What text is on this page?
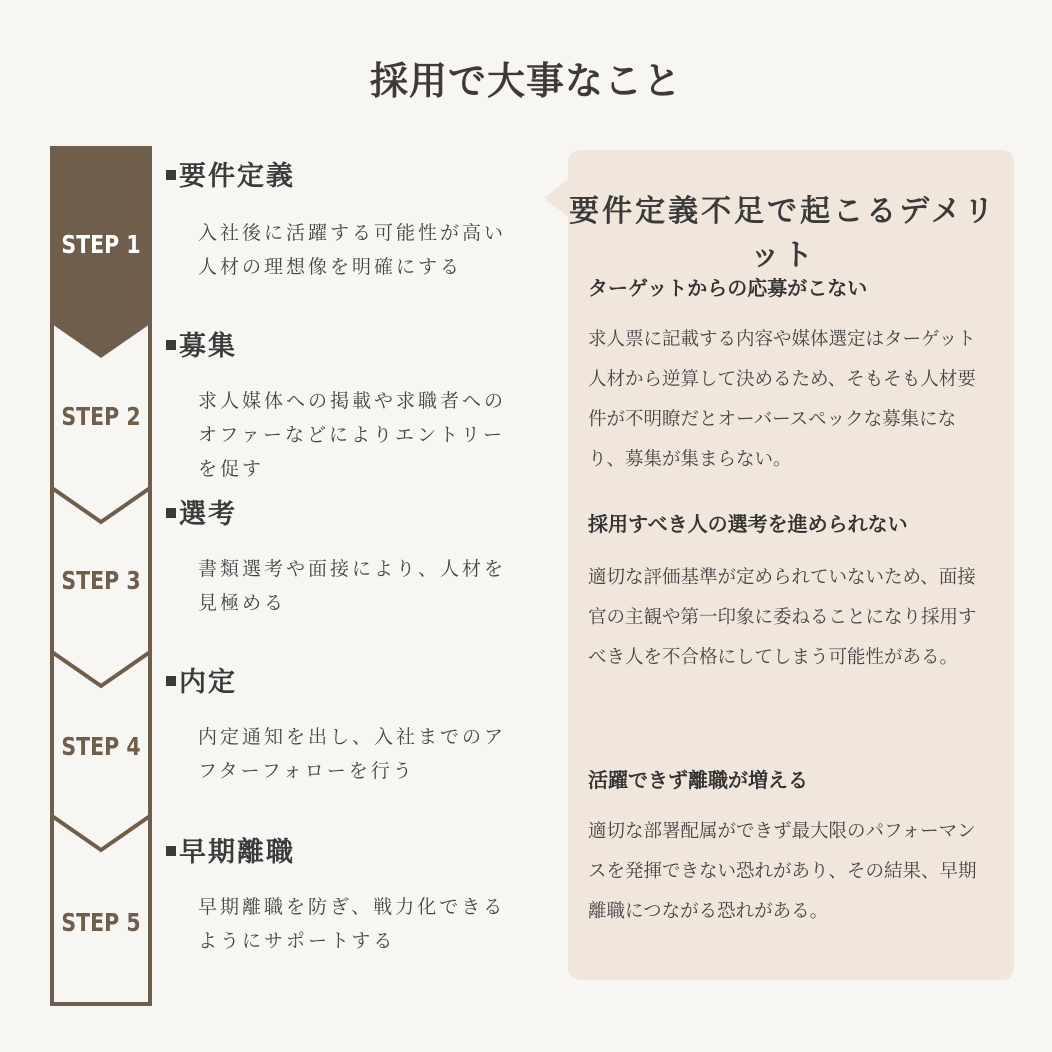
採用で大事なこと
STEP 1
STEP 2
STEP 3
STEP 4
STEP 5
要件定義
入社後に活躍する可能性が高い人材の理想像を明確にする
募集
求人媒体への掲載や求職者へのオファーなどによりエントリーを促す
選考
書類選考や面接により、人材を見極める
内定
内定通知を出し、入社までのアフターフォローを行う
早期離職
早期離職を防ぎ、戦力化できるようにサポートする
要件定義不足で起こるデメリット
ターゲットからの応募がこない
求人票に記載する内容や媒体選定はターゲット人材から逆算して決めるため、そもそも人材要件が不明瞭だとオーバースペックな募集になり、募集が集まらない。
採用すべき人の選考を進められない
適切な評価基準が定められていないため、面接官の主観や第一印象に委ねることになり採用すべき人を不合格にしてしまう可能性がある。
活躍できず離職が増える
適切な部署配属ができず最大限のパフォーマンスを発揮できない恐れがあり、その結果、早期離職につながる恐れがある。
